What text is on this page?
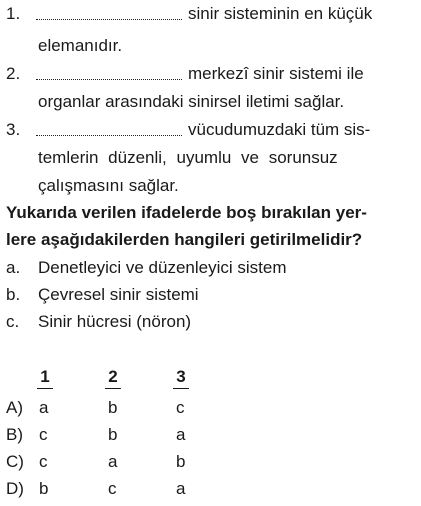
1.	sinir sisteminin en küçük
elemanıdır.
2.	merkezî sinir sistemi ile
organlar arasındaki sinirsel iletimi sağlar.
3.	vücudumuzdaki tüm sis-
temlerin düzenli, uyumlu ve sorunsuz
çalışmasını sağlar.
Yukarıda verilen ifadelerde boş bırakılan yer-
lere aşağıdakilerden hangileri getirilmelidir?
a. Denetleyici ve düzenleyici sistem
b. Çevresel sinir sistemi
c. Sinir hücresi (nöron)
1	2	3
A) a	b	c
B) c	b	a
C) c	a	b
D) b	c	a
